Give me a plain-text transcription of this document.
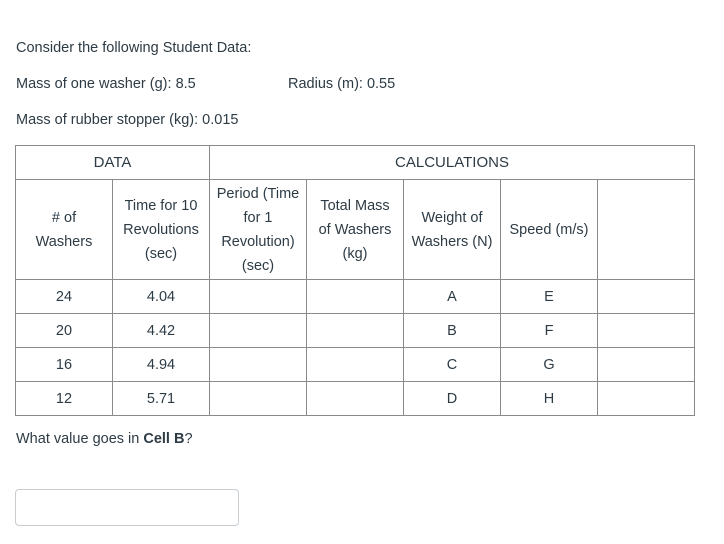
Consider the following Student Data:

Mass of one washer (g): 8.5	Radius (m): 0.55

Mass of rubber stopper (kg): 0.015

DATA		CALCULATIONS				

# of
Washers	Time for 10
Revolutions
(sec)	Period (Time
for 1
Revolution)
(sec)	Total Mass
of Washers
(kg)	Weight of
Washers (N)	Speed (m/s)	

24	4.04			A	E	
20	4.42			B	F	
16	4.94			C	G	
12	5.71			D	H	

What value goes in Cell B?
